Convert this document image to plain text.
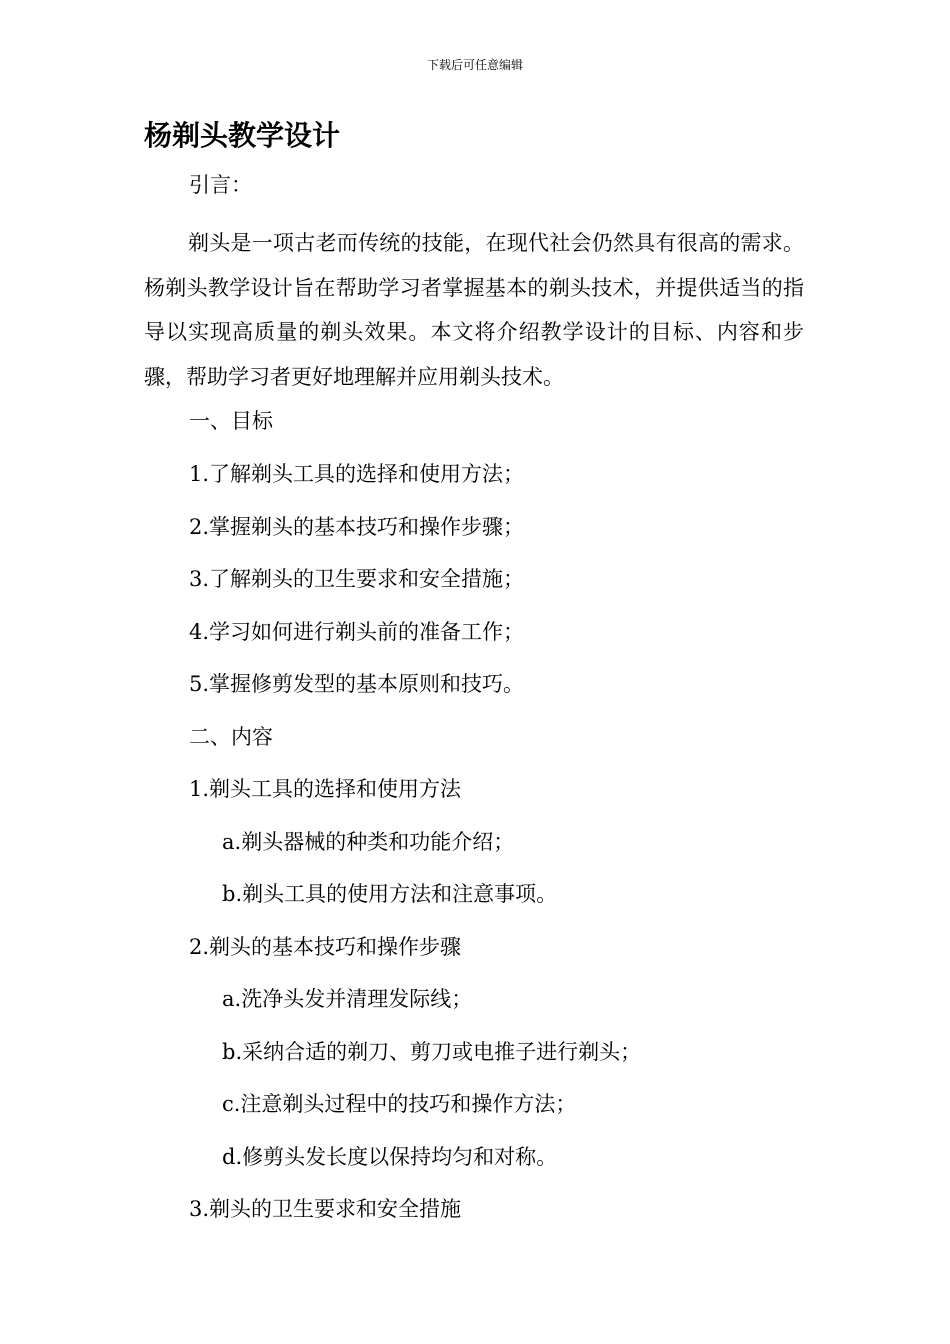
下载后可任意编辑
杨剃头教学设计

引言：

剃头是一项古老而传统的技能，在现代社会仍然具有很高的需求。杨剃头教学设计旨在帮助学习者掌握基本的剃头技术，并提供适当的指导以实现高质量的剃头效果。本文将介绍教学设计的目标、内容和步骤，帮助学习者更好地理解并应用剃头技术。

一、目标

1.了解剃头工具的选择和使用方法；

2.掌握剃头的基本技巧和操作步骤；

3.了解剃头的卫生要求和安全措施；

4.学习如何进行剃头前的准备工作；

5.掌握修剪发型的基本原则和技巧。

二、内容

1.剃头工具的选择和使用方法

a.剃头器械的种类和功能介绍；

b.剃头工具的使用方法和注意事项。

2.剃头的基本技巧和操作步骤

a.洗净头发并清理发际线；

b.采纳合适的剃刀、剪刀或电推子进行剃头；

c.注意剃头过程中的技巧和操作方法；

d.修剪头发长度以保持均匀和对称。

3.剃头的卫生要求和安全措施
